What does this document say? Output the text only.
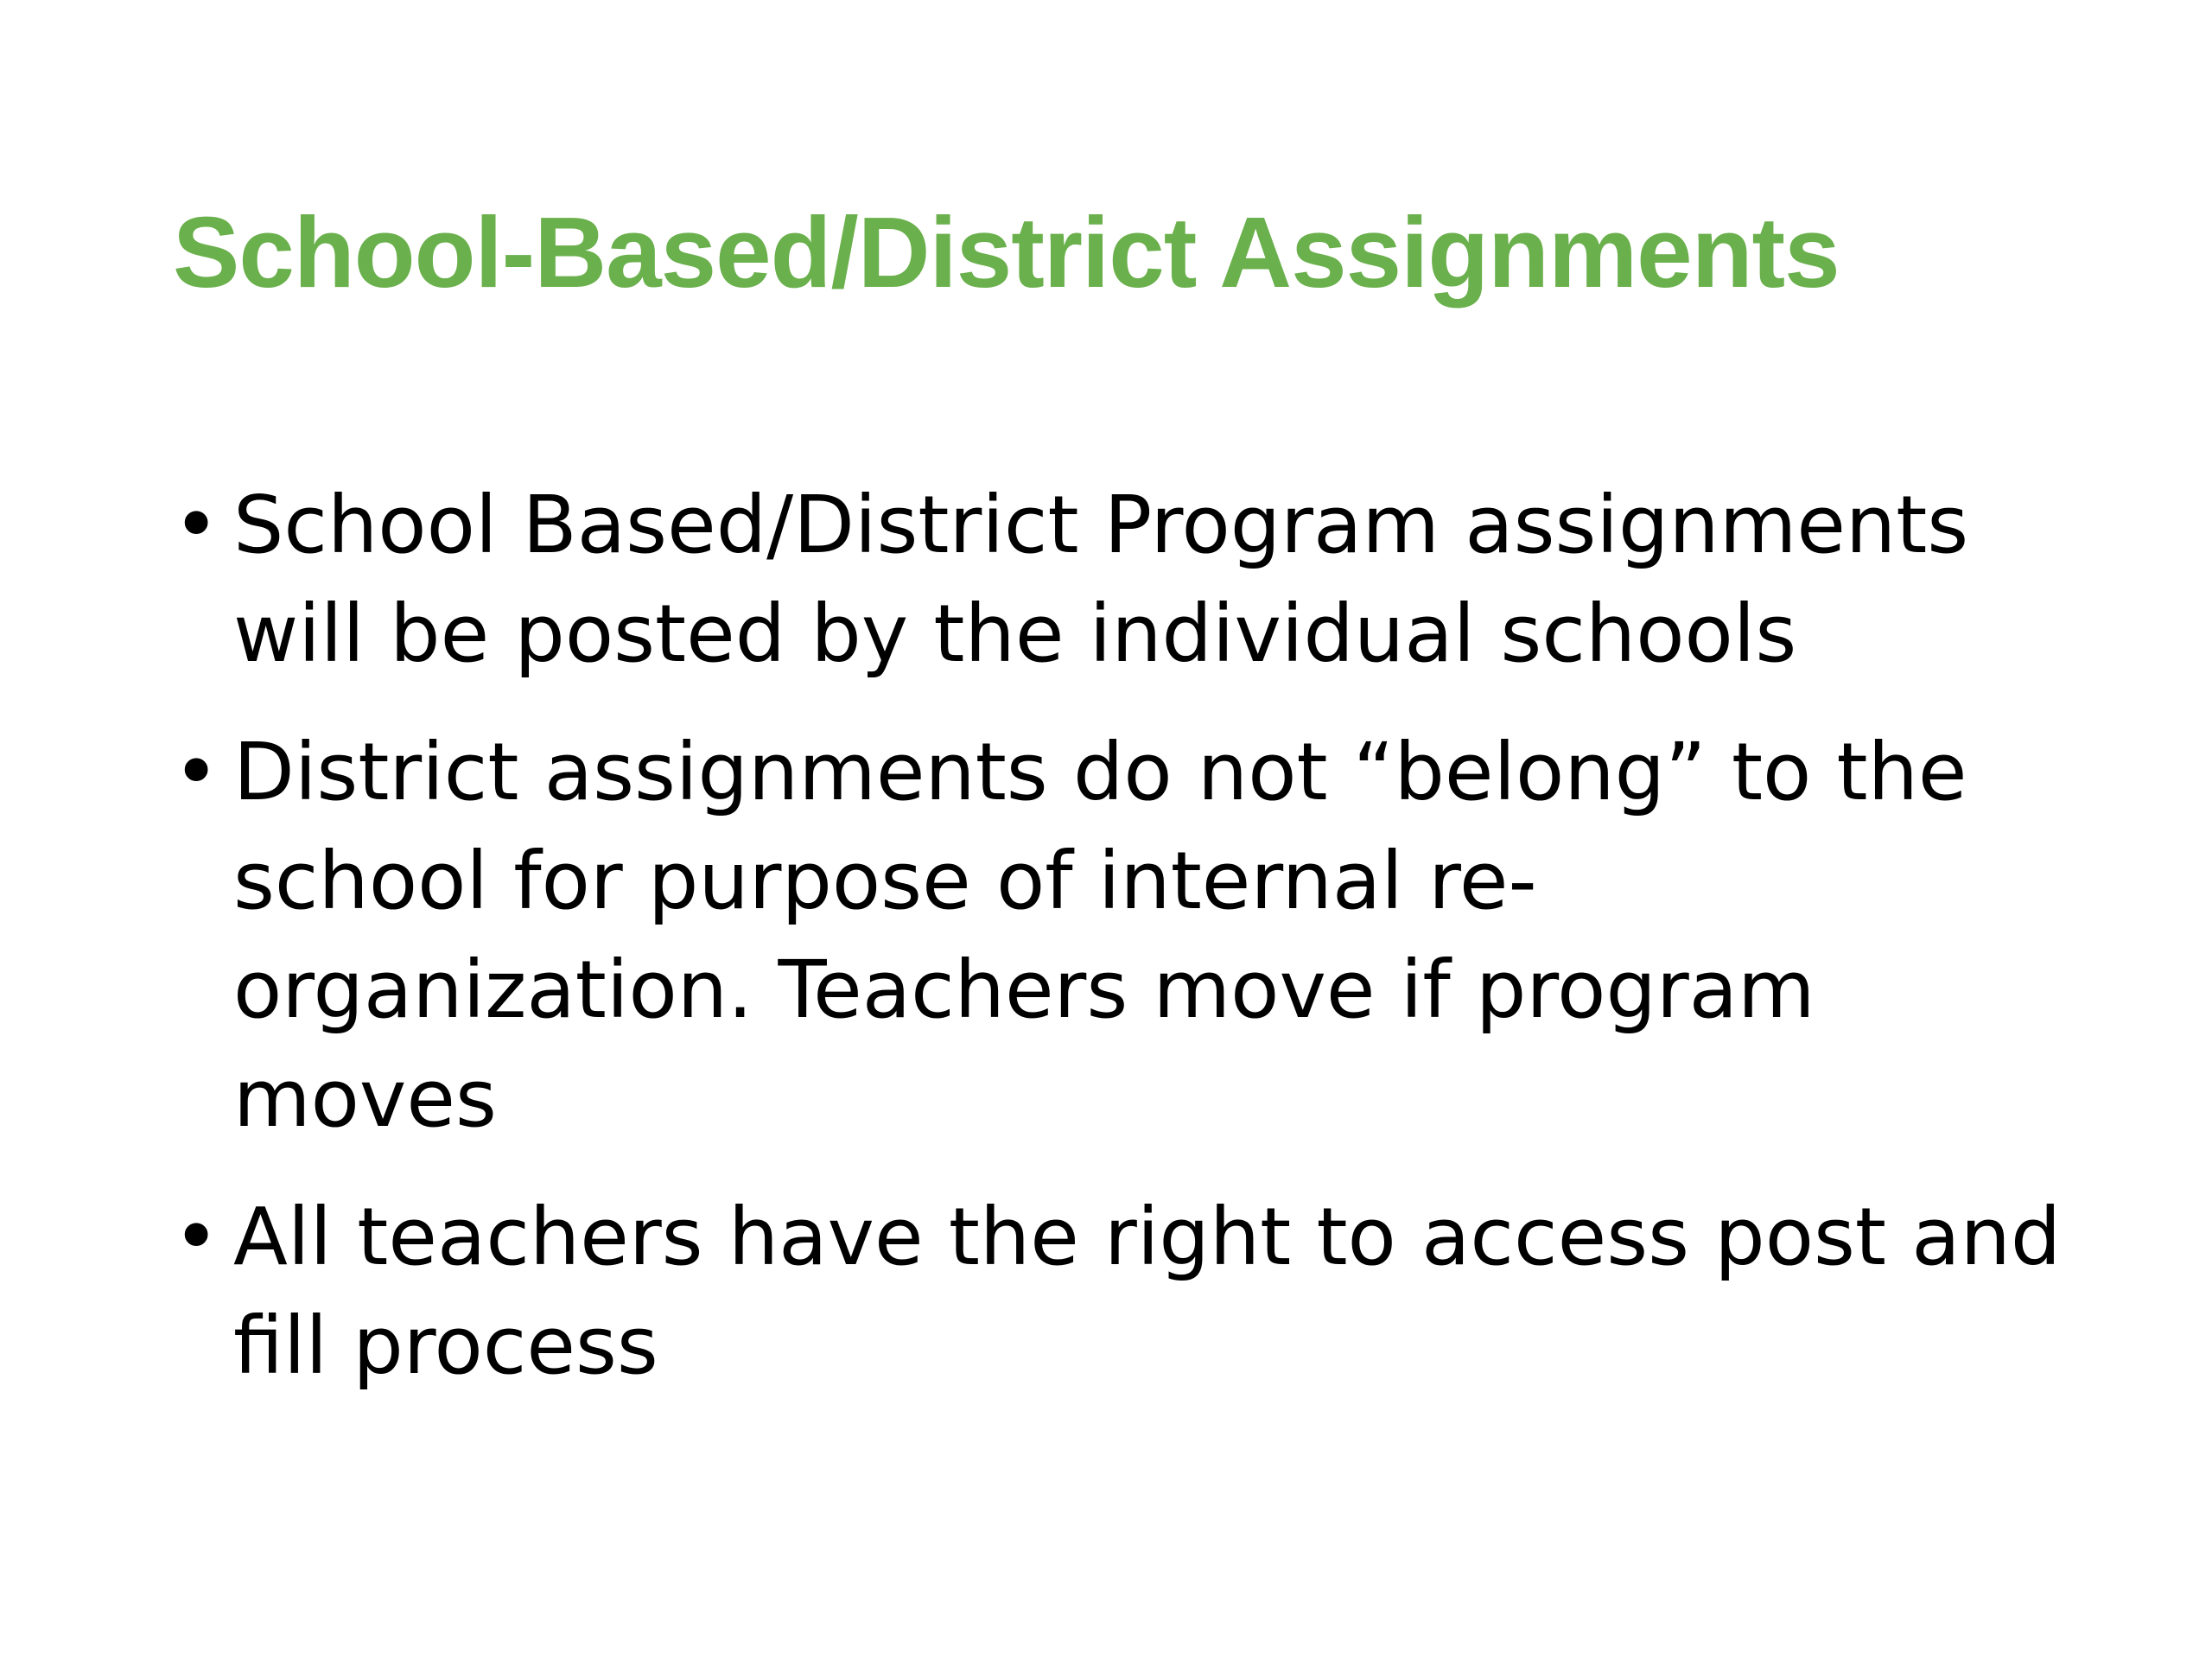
School-Based/District Assignments
• School Based/District Program assignments
will be posted by the individual schools
• District assignments do not “belong” to the
school for purpose of internal re-
organization. Teachers move if program
moves
• All teachers have the right to access post and
fill process
